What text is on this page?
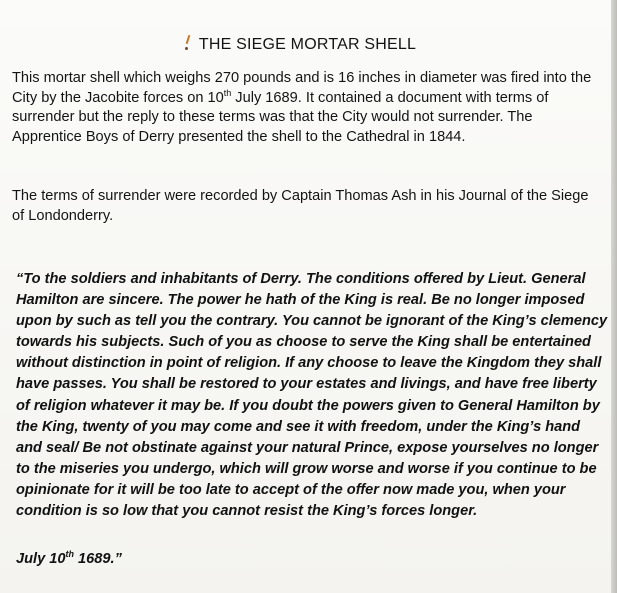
THE SIEGE MORTAR SHELL

This mortar shell which weighs 270 pounds and is 16 inches in diameter was fired into the City by the Jacobite forces on 10th July 1689. It contained a document with terms of surrender but the reply to these terms was that the City would not surrender. The Apprentice Boys of Derry presented the shell to the Cathedral in 1844.

The terms of surrender were recorded by Captain Thomas Ash in his Journal of the Siege of Londonderry.

“To the soldiers and inhabitants of Derry. The conditions offered by Lieut. General Hamilton are sincere. The power he hath of the King is real. Be no longer imposed upon by such as tell you the contrary. You cannot be ignorant of the King’s clemency towards his subjects. Such of you as choose to serve the King shall be entertained without distinction in point of religion. If any choose to leave the Kingdom they shall have passes. You shall be restored to your estates and livings, and have free liberty of religion whatever it may be. If you doubt the powers given to General Hamilton by the King, twenty of you may come and see it with freedom, under the King’s hand and seal/ Be not obstinate against your natural Prince, expose yourselves no longer to the miseries you undergo, which will grow worse and worse if you continue to be opinionate for it will be too late to accept of the offer now made you, when your condition is so low that you cannot resist the King’s forces longer.

July 10th 1689.”
